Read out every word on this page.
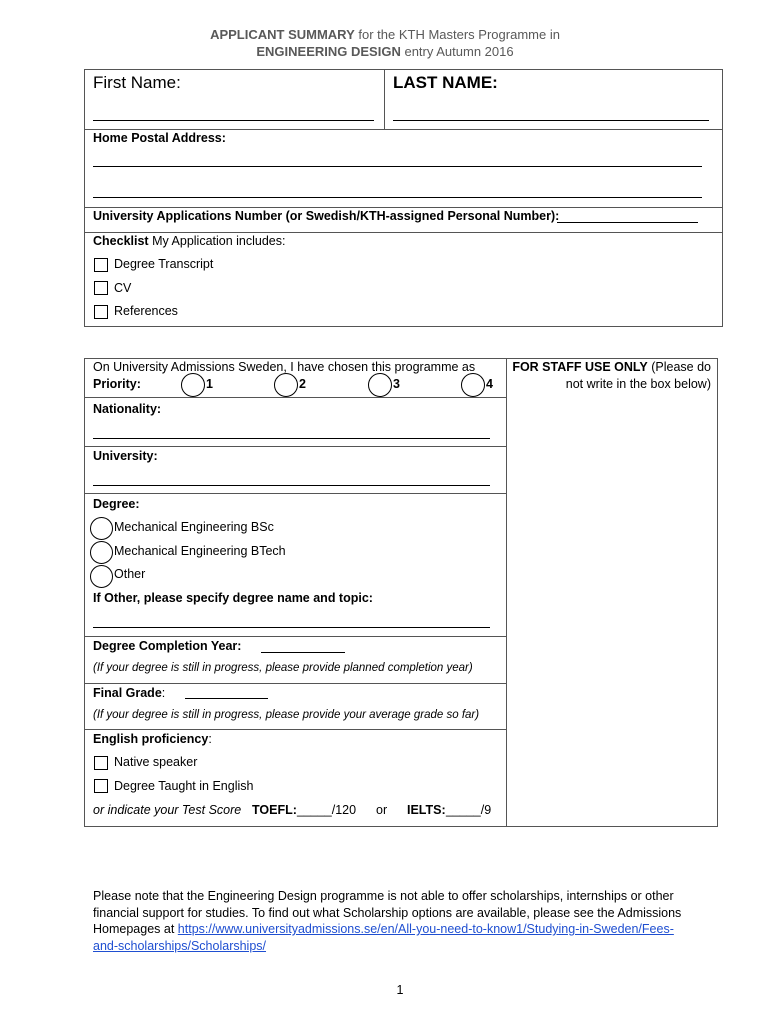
APPLICANT SUMMARY for the KTH Masters Programme in
ENGINEERING DESIGN entry Autumn 2016
First Name:	LAST NAME:
Home Postal Address:
University Applications Number (or Swedish/KTH-assigned Personal Number):
Checklist My Application includes:
Degree Transcript
CV
References
On University Admissions Sweden, I have chosen this programme as
Priority:	1	2	3	4
FOR STAFF USE ONLY (Please do
not write in the box below)
Nationality:
University:
Degree:
Mechanical Engineering BSc
Mechanical Engineering BTech
Other
If Other, please specify degree name and topic:
Degree Completion Year:
(If your degree is still in progress, please provide planned completion year)
Final Grade:
(If your degree is still in progress, please provide your average grade so far)
English proficiency:
Native speaker
Degree Taught in English
or indicate your Test Score TOEFL: _____/120 or IELTS: _____/9
Please note that the Engineering Design programme is not able to offer scholarships, internships or other
financial support for studies. To find out what Scholarship options are available, please see the Admissions
Homepages at https://www.universityadmissions.se/en/All-you-need-to-know1/Studying-in-Sweden/Fees-
and-scholarships/Scholarships/
1
